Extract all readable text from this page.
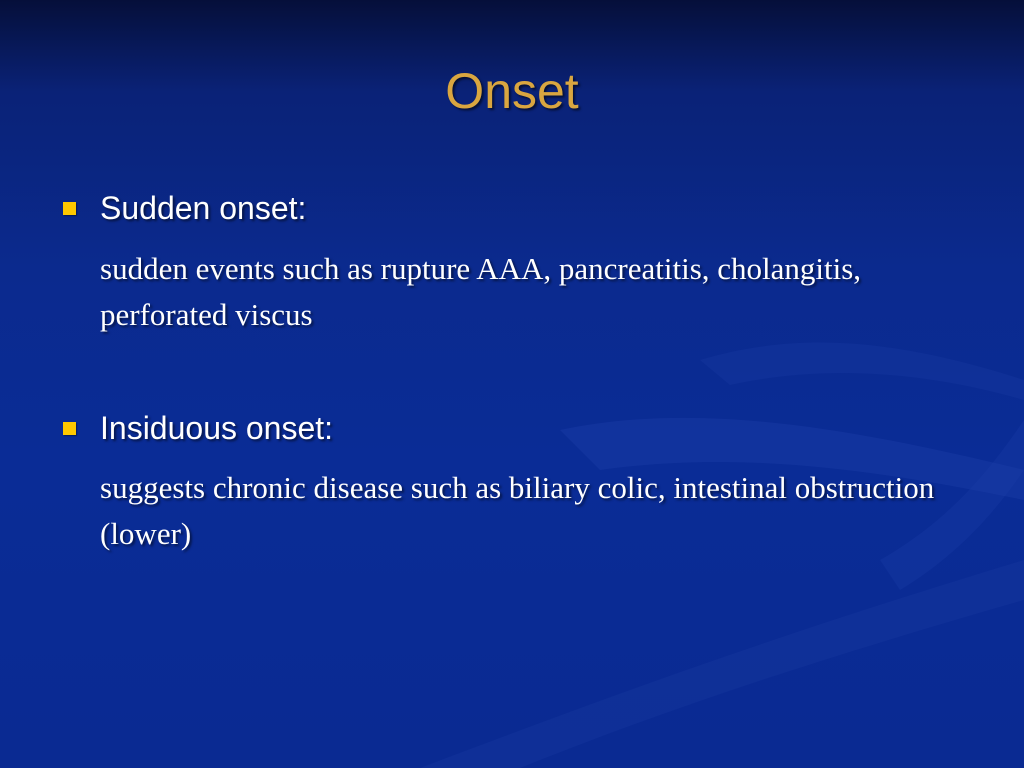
Onset
Sudden onset:
sudden events such as rupture AAA, pancreatitis, cholangitis, perforated viscus
Insiduous onset:
suggests chronic disease such as biliary colic, intestinal obstruction (lower)
